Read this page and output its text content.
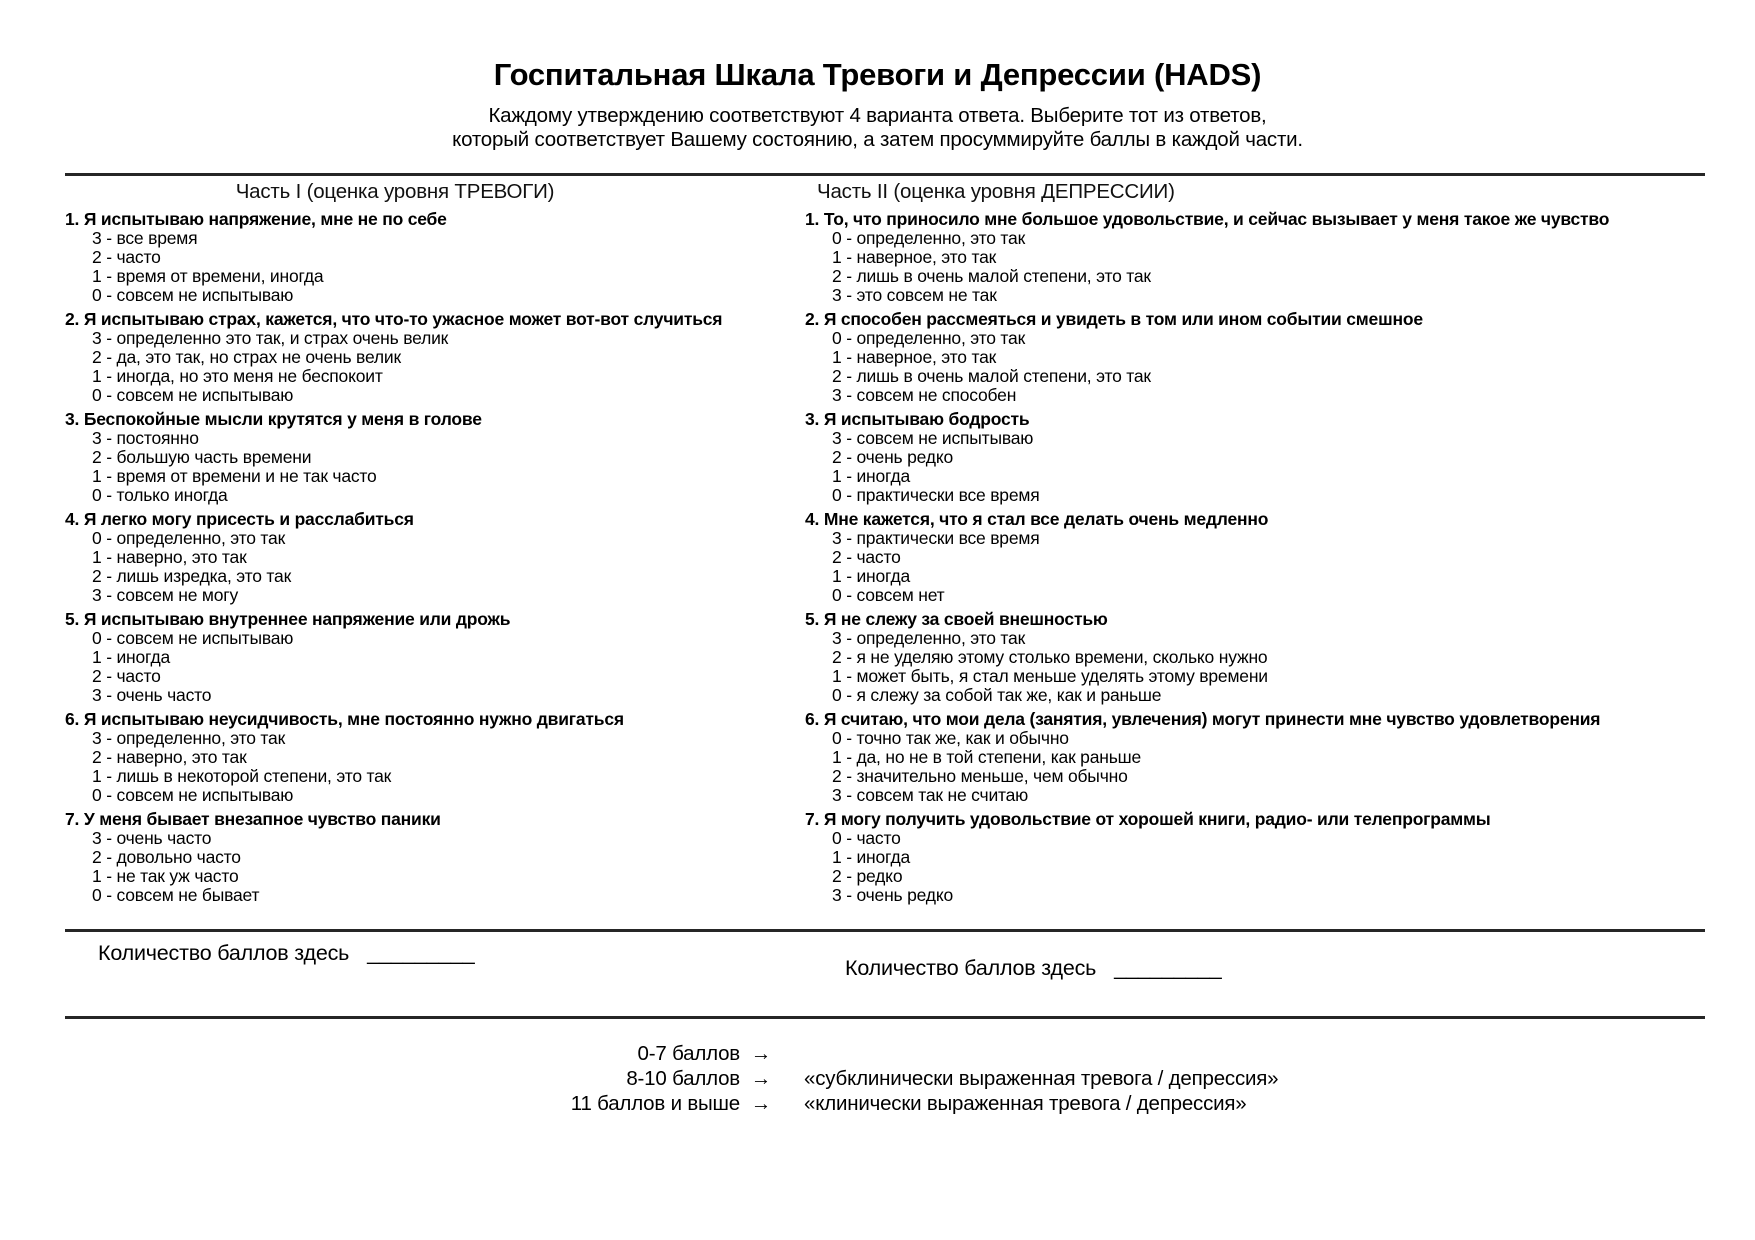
Госпитальная Шкала Тревоги и Депрессии (HADS)
Каждому утверждению соответствуют 4 варианта ответа. Выберите тот из ответов,
который соответствует Вашему состоянию, а затем просуммируйте баллы в каждой части.
Часть I (оценка уровня ТРЕВОГИ)
1. Я испытываю напряжение, мне не по себе
3 - все время
2 - часто
1 - время от времени, иногда
0 - совсем не испытываю
2. Я испытываю страх, кажется, что что-то ужасное может вот-вот случиться
3 - определенно это так, и страх очень велик
2 - да, это так, но страх не очень велик
1 - иногда, но это меня не беспокоит
0 - совсем не испытываю
3. Беспокойные мысли крутятся у меня в голове
3 - постоянно
2 - большую часть времени
1 - время от времени и не так часто
0 - только иногда
4. Я легко могу присесть и расслабиться
0 - определенно, это так
1 - наверно, это так
2 - лишь изредка, это так
3 - совсем не могу
5. Я испытываю внутреннее напряжение или дрожь
0 - совсем не испытываю
1 - иногда
2 - часто
3 - очень часто
6. Я испытываю неусидчивость, мне постоянно нужно двигаться
3 - определенно, это так
2 - наверно, это так
1 - лишь в некоторой степени, это так
0 - совсем не испытываю
7. У меня бывает внезапное чувство паники
3 - очень часто
2 - довольно часто
1 - не так уж часто
0 - совсем не бывает
Часть II (оценка уровня ДЕПРЕССИИ)
1. То, что приносило мне большое удовольствие, и сейчас вызывает у меня такое же чувство
0 - определенно, это так
1 - наверное, это так
2 - лишь в очень малой степени, это так
3 - это совсем не так
2. Я способен рассмеяться и увидеть в том или ином событии смешное
0 - определенно, это так
1 - наверное, это так
2 - лишь в очень малой степени, это так
3 - совсем не способен
3. Я испытываю бодрость
3 - совсем не испытываю
2 - очень редко
1 - иногда
0 - практически все время
4. Мне кажется, что я стал все делать очень медленно
3 - практически все время
2 - часто
1 - иногда
0 - совсем нет
5. Я не слежу за своей внешностью
3 - определенно, это так
2 - я не уделяю этому столько времени, сколько нужно
1 - может быть, я стал меньше уделять этому времени
0 - я слежу за собой так же, как и раньше
6. Я считаю, что мои дела (занятия, увлечения) могут принести мне чувство удовлетворения
0 - точно так же, как и обычно
1 - да, но не в той степени, как раньше
2 - значительно меньше, чем обычно
3 - совсем так не считаю
7. Я могу получить удовольствие от хорошей книги, радио- или телепрограммы
0 - часто
1 - иногда
2 - редко
3 - очень редко
Количество баллов здесь _________
Количество баллов здесь _________
0-7 баллов →
8-10 баллов → «субклинически выраженная тревога / депрессия»
11 баллов и выше → «клинически выраженная тревога / депрессия»
